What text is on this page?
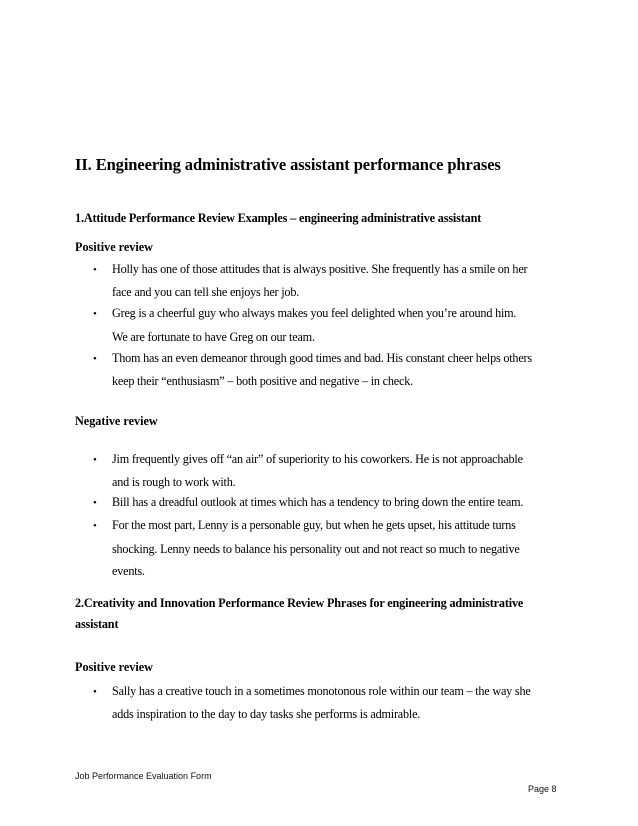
II. Engineering administrative assistant performance phrases
1.Attitude Performance Review Examples – engineering administrative assistant
Positive review
• Holly has one of those attitudes that is always positive. She frequently has a smile on her
face and you can tell she enjoys her job.
• Greg is a cheerful guy who always makes you feel delighted when you’re around him.
We are fortunate to have Greg on our team.
• Thom has an even demeanor through good times and bad. His constant cheer helps others
keep their “enthusiasm” – both positive and negative – in check.
Negative review
• Jim frequently gives off “an air” of superiority to his coworkers. He is not approachable
and is rough to work with.
• Bill has a dreadful outlook at times which has a tendency to bring down the entire team.
• For the most part, Lenny is a personable guy, but when he gets upset, his attitude turns
shocking. Lenny needs to balance his personality out and not react so much to negative
events.
2.Creativity and Innovation Performance Review Phrases for engineering administrative
assistant
Positive review
• Sally has a creative touch in a sometimes monotonous role within our team – the way she
adds inspiration to the day to day tasks she performs is admirable.
Job Performance Evaluation Form
Page 8
